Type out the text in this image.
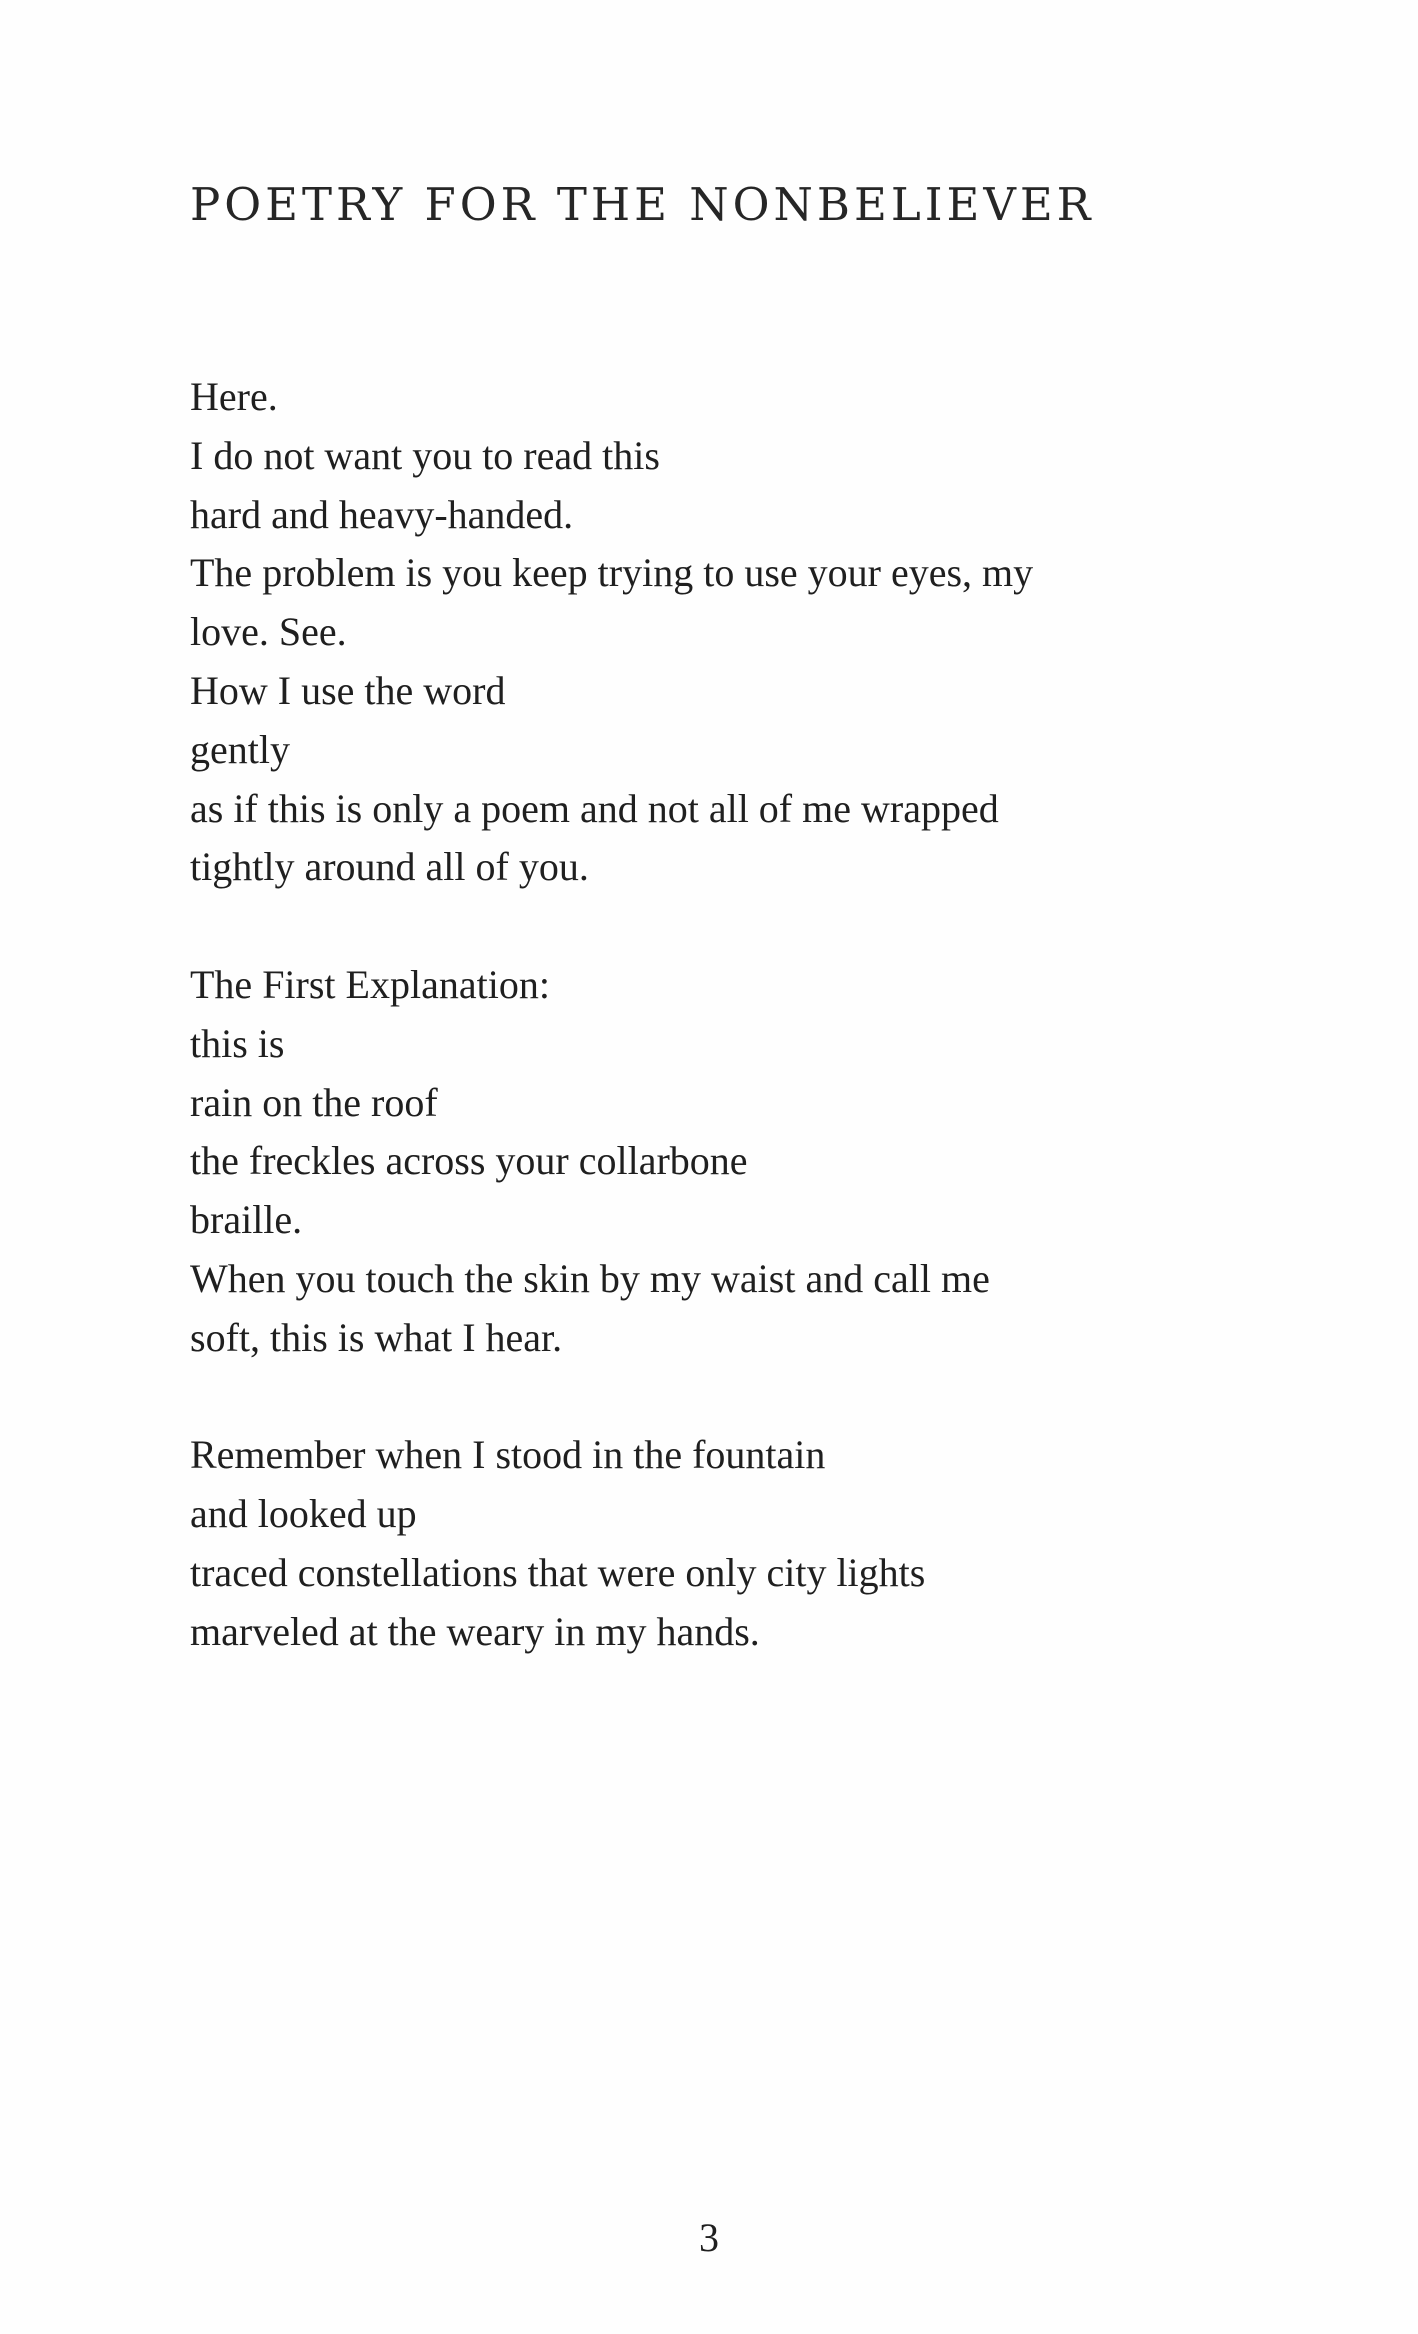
POETRY FOR THE NONBELIEVER

Here.
I do not want you to read this
hard and heavy-handed.
The problem is you keep trying to use your eyes, my
love. See.
How I use the word
gently
as if this is only a poem and not all of me wrapped
tightly around all of you.

The First Explanation:
this is
rain on the roof
the freckles across your collarbone
braille.
When you touch the skin by my waist and call me
soft, this is what I hear.

Remember when I stood in the fountain
and looked up
traced constellations that were only city lights
marveled at the weary in my hands.

3
